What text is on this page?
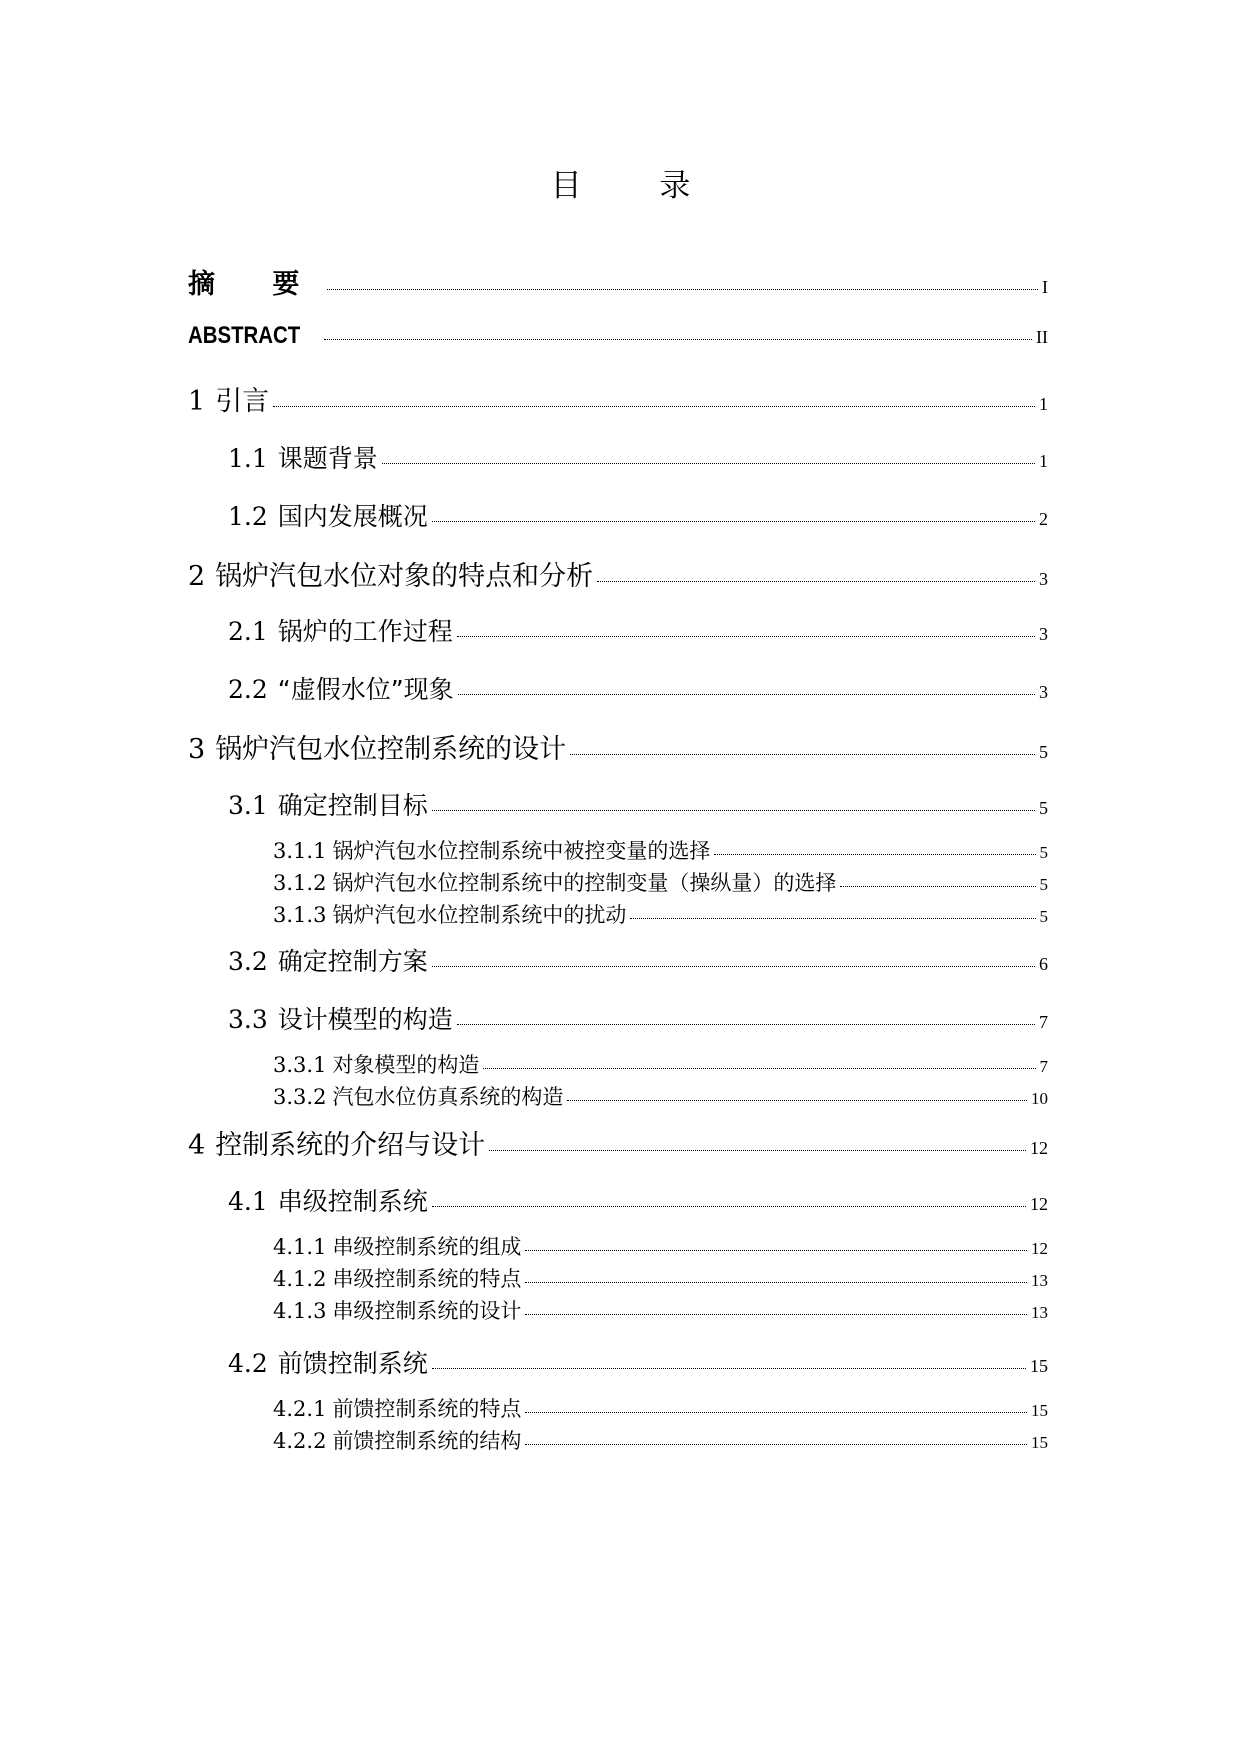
目 录
摘 要	I
ABSTRACT	II
1 引言	1
1.1 课题背景	1
1.2 国内发展概况	2
2 锅炉汽包水位对象的特点和分析	3
2.1 锅炉的工作过程	3
2.2 “虚假水位”现象	3
3 锅炉汽包水位控制系统的设计	5
3.1 确定控制目标	5
3.1.1 锅炉汽包水位控制系统中被控变量的选择	5
3.1.2 锅炉汽包水位控制系统中的控制变量（操纵量）的选择	5
3.1.3 锅炉汽包水位控制系统中的扰动	5
3.2 确定控制方案	6
3.3 设计模型的构造	7
3.3.1 对象模型的构造	7
3.3.2 汽包水位仿真系统的构造	10
4 控制系统的介绍与设计	12
4.1 串级控制系统	12
4.1.1 串级控制系统的组成	12
4.1.2 串级控制系统的特点	13
4.1.3 串级控制系统的设计	13
4.2 前馈控制系统	15
4.2.1 前馈控制系统的特点	15
4.2.2 前馈控制系统的结构	15
